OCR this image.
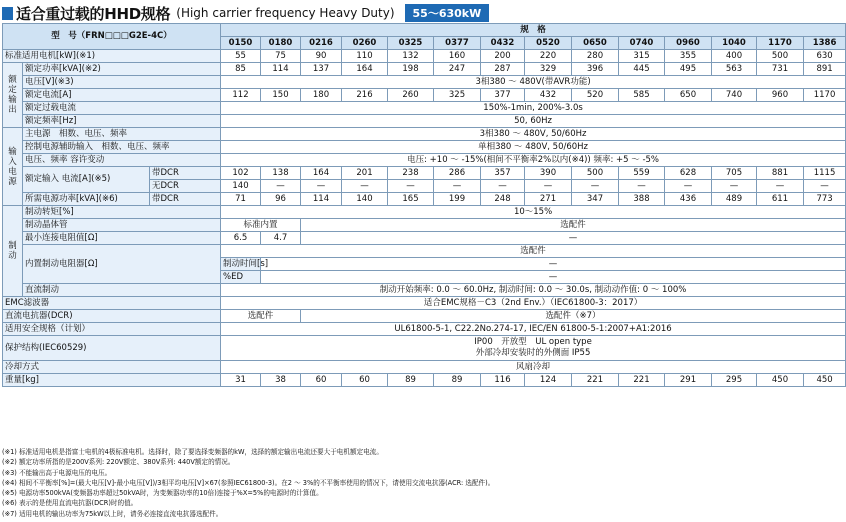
适合重过载的HHD规格 (High carrier frequency Heavy Duty)	55～630kW
型　号（FRN□□□G2E-4C）			规　格													
			0150	0180	0216	0260	0325	0377	0432	0520	0650	0740	0960	1040	1170	1386
标准适用电机[kW](※1)			55	75	90	110	132	160	200	220	280	315	355	400	500	630
额定输出	额定功率[kVA](※2)		85	114	137	164	198	247	287	329	396	445	495	563	731	891
	电压[V](※3)		3相380 ～ 480V(带AVR功能)													
	额定电流[A]		112	150	180	216	260	325	377	432	520	585	650	740	960	1170
	额定过载电流		150%-1min, 200%-3.0s													
	额定频率[Hz]		50, 60Hz													
输入电源	主电源　相数、电压、频率		3相380 ～ 480V, 50/60Hz													
	控制电源辅助输入　相数、电压、频率		单相380 ～ 480V, 50/60Hz													
	电压、频率 容许变动		电压: +10 ～ -15%(相间不平衡率2%以内(※4)) 频率: +5 ～ -5%													
	额定输入 电流[A](※5)	带DCR	102	138	164	201	238	286	357	390	500	559	628	705	881	1115
		无DCR	140	—	—	—	—	—	—	—	—	—	—	—	—	—
	所需电源功率[kVA](※6)	带DCR	71	96	114	140	165	199	248	271	347	388	436	489	611	773
制动	制动转矩[%]		10～15%													
	制动晶体管		标准内置		选配件											
	最小连接电阻值[Ω]		6.5	4.7	—											
	内置制动电阻器[Ω]		选配件													
			制动时间[s]	—												
			%ED	—												
	直流制动		制动开始频率: 0.0 ～ 60.0Hz, 制动时间: 0.0 ～ 30.0s, 制动动作值: 0 ～ 100%													
EMC滤波器			适合EMC规格－C3（2nd Env.）（IEC61800-3：2017）													
直流电抗器(DCR)			选配件		选配件（※7）											
适用安全规格（计划）			UL61800-5-1, C22.2No.274-17, IEC/EN 61800-5-1:2007+A1:2016													
保护结构(IEC60529)			IP00　开放型　UL open type
外部冷却安装时的外侧面 IP55													

冷却方式			风扇冷却													
重量[kg]			31	38	60	60	89	89	116	124	221	221	291	295	450	450
(※1) 标准适用电机是指富士电机的4极标准电机。选择时，除了要选择变频器的kW，选择的额定输出电流还要大于电机额定电流。
(※2) 额定功率所指的是200V系列: 220V额定、380V系列: 440V额定的情况。
(※3) 不能输出高于电源电压的电压。
(※4) 相间不平衡率[%]=(最大电压[V]-最小电压[V])/3相平均电压[V]×67(参照IEC61800-3)。在2 ～ 3%的不平衡率使用的情况下，请使用交流电抗器(ACR: 选配件)。
(※5) 电源功率500kVA(变频器功率超过50kVA时，为变频器功率的10倍)连接于%X=5%的电源时的计算值。
(※6) 表示的是使用直流电抗器(DCR)时的值。
(※7) 适用电机的输出功率为75kW以上时，请务必连接直流电抗器选配件。
